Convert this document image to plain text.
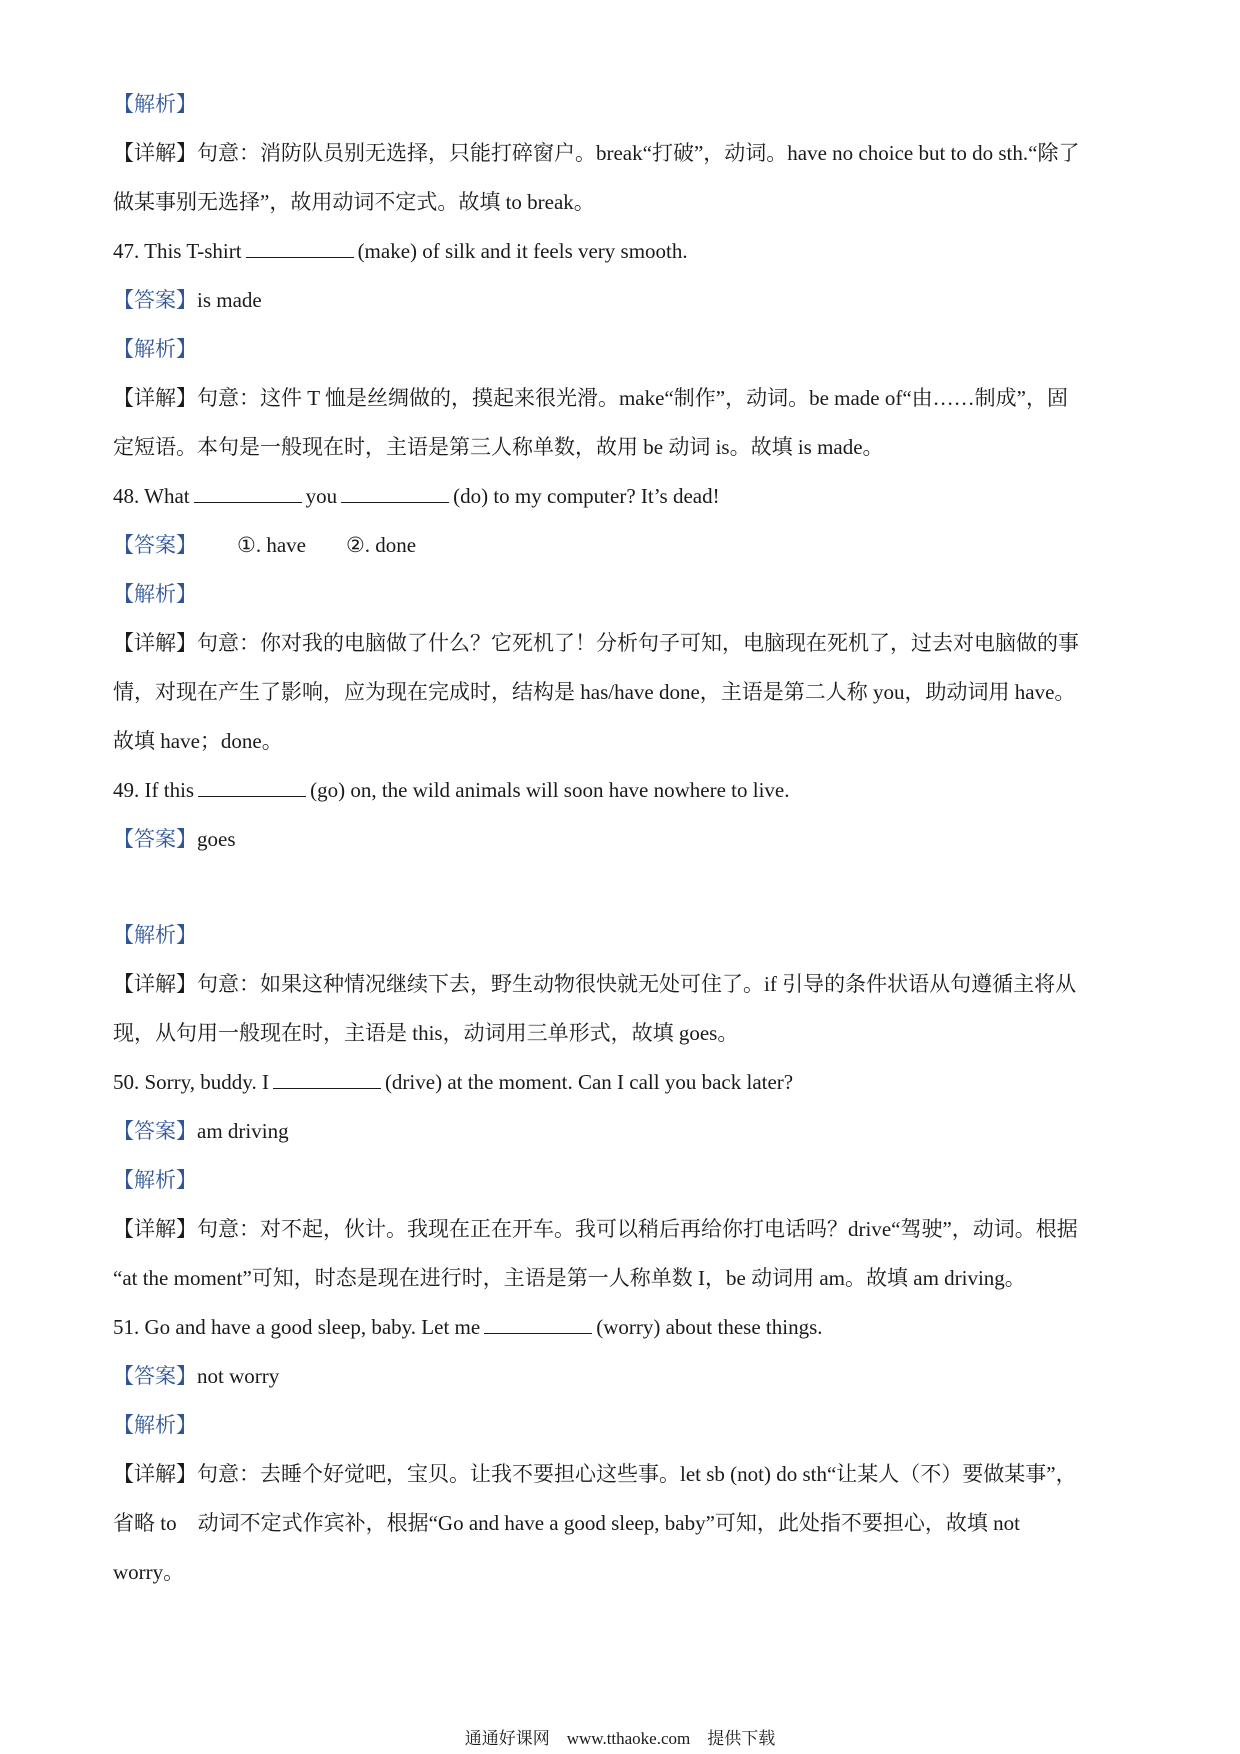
【解析】
【详解】句意：消防队员别无选择，只能打碎窗户。break“打破”，动词。have no choice but to do sth.“除了
做某事别无选择”，故用动词不定式。故填 to break。
47. This T-shirt	(make) of silk and it feels very smooth.
【答案】is made
【解析】
【详解】句意：这件 T 恤是丝绸做的，摸起来很光滑。make“制作”，动词。be made of“由……制成”，固
定短语。本句是一般现在时，主语是第三人称单数，故用 be 动词 is。故填 is made。
48. What	you	(do) to my computer? It’s dead!
【答案】 ①. have ②. done
【解析】
【详解】句意：你对我的电脑做了什么？它死机了！分析句子可知，电脑现在死机了，过去对电脑做的事
情，对现在产生了影响，应为现在完成时，结构是 has/have done，主语是第二人称 you，助动词用 have。
故填 have；done。
49. If this	(go) on, the wild animals will soon have nowhere to live.
【答案】goes
【解析】
【详解】句意：如果这种情况继续下去，野生动物很快就无处可住了。if 引导的条件状语从句遵循主将从
现，从句用一般现在时，主语是 this，动词用三单形式，故填 goes。
50. Sorry, buddy. I	(drive) at the moment. Can I call you back later?
【答案】am driving
【解析】
【详解】句意：对不起，伙计。我现在正在开车。我可以稍后再给你打电话吗？drive“驾驶”，动词。根据
“at the moment”可知，时态是现在进行时，主语是第一人称单数 I，be 动词用 am。故填 am driving。
51. Go and have a good sleep, baby. Let me	(worry) about these things.
【答案】not worry
【解析】
【详解】句意：去睡个好觉吧，宝贝。让我不要担心这些事。let sb (not) do sth“让某人（不）要做某事”，
省略 to　动词不定式作宾补，根据“Go and have a good sleep, baby”可知，此处指不要担心，故填 not
worry。
通通好课网　www.tthaoke.com　提供下载
